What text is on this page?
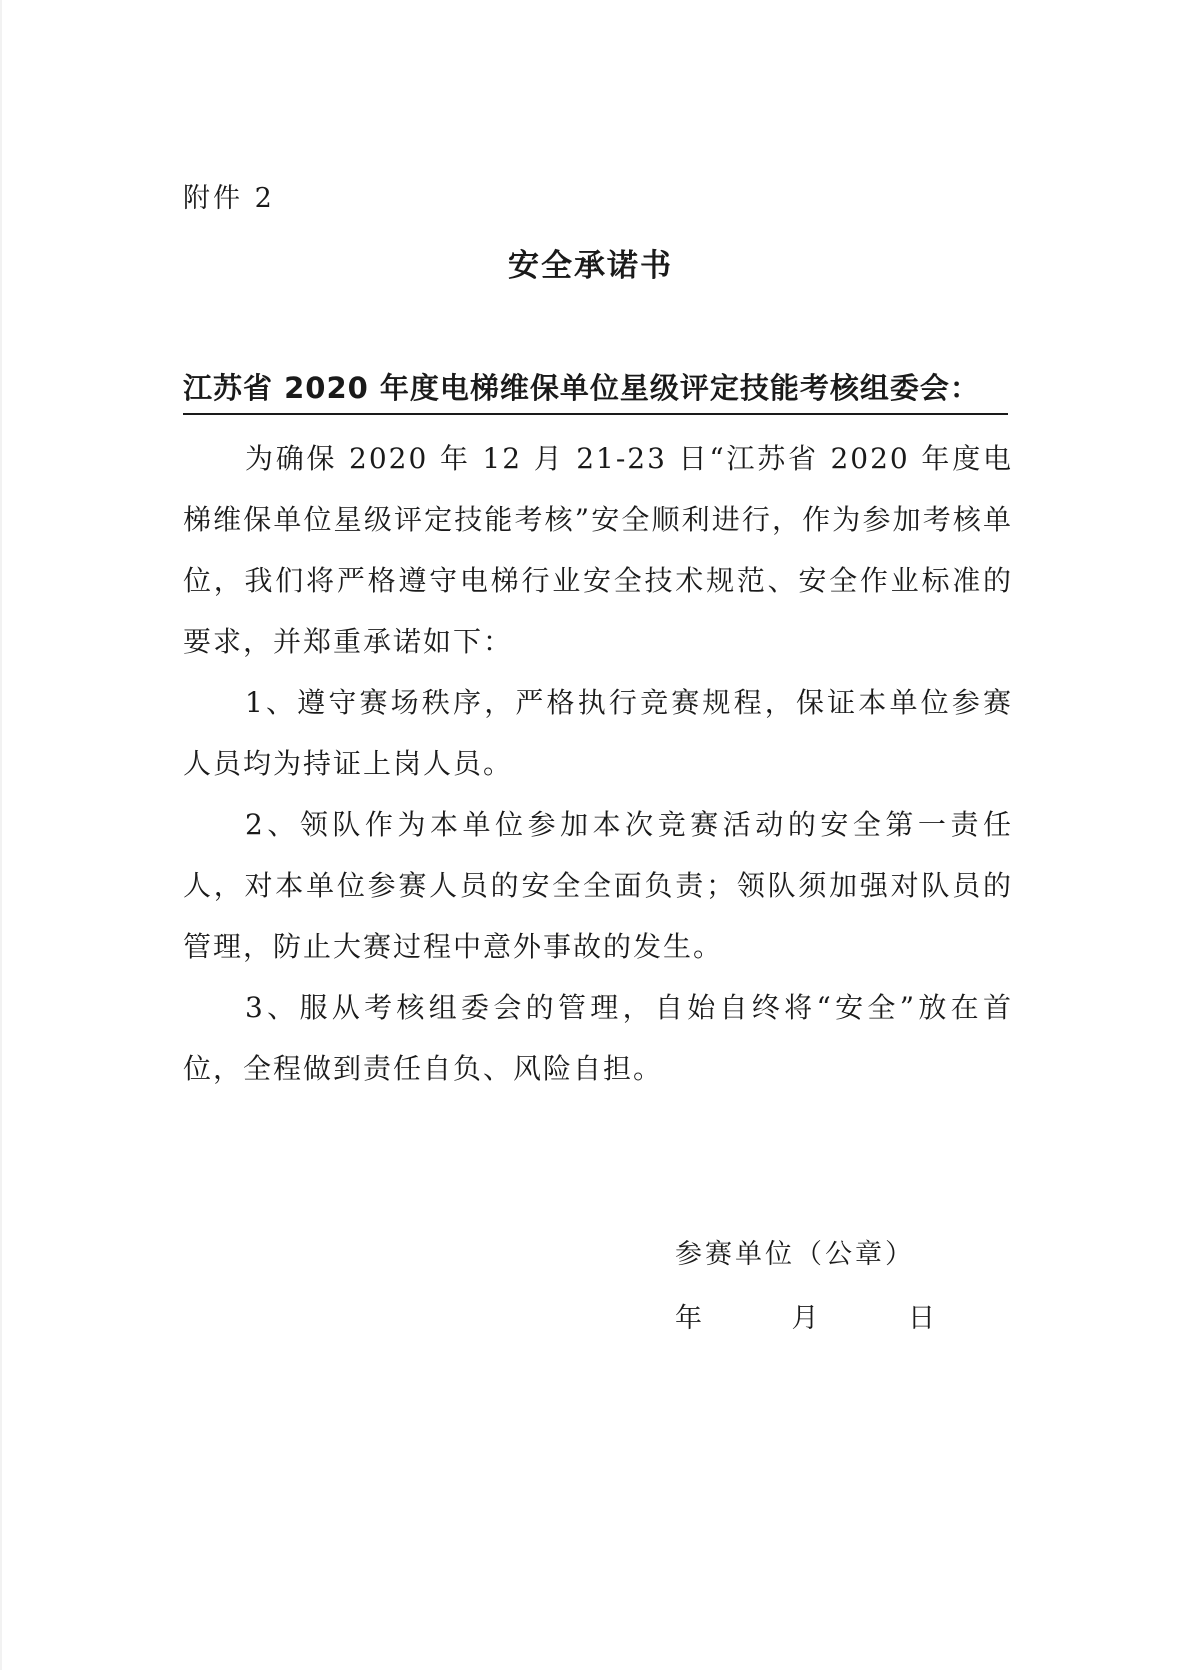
附件 2
安全承诺书
江苏省 2020 年度电梯维保单位星级评定技能考核组委会：

为确保 2020 年 12 月 21-23 日“江苏省 2020 年度电梯维保单位星级评定技能考核”安全顺利进行，作为参加考核单位，我们将严格遵守电梯行业安全技术规范、安全作业标准的要求，并郑重承诺如下：

1、遵守赛场秩序，严格执行竞赛规程，保证本单位参赛人员均为持证上岗人员。

2、领队作为本单位参加本次竞赛活动的安全第一责任人，对本单位参赛人员的安全全面负责；领队须加强对队员的管理，防止大赛过程中意外事故的发生。

3、服从考核组委会的管理，自始自终将“安全”放在首位，全程做到责任自负、风险自担。

参赛单位（公章）
年	月	日
